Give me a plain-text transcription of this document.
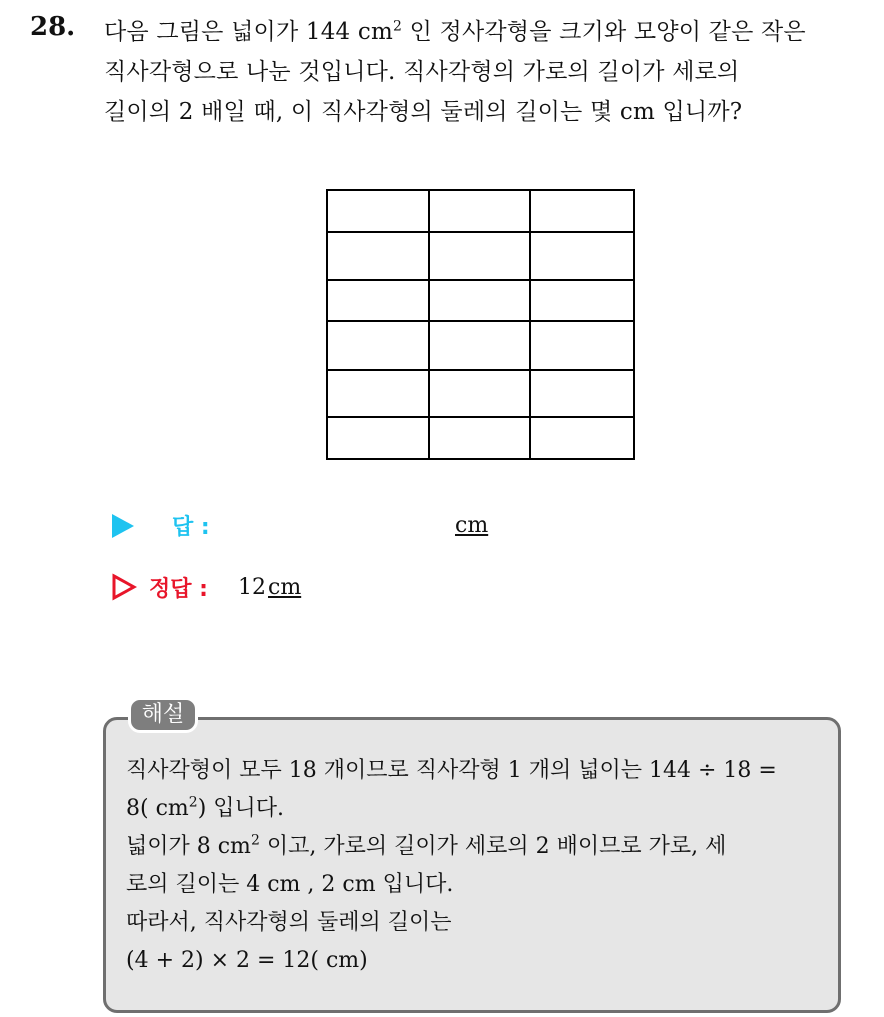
28. 다음 그림은 넓이가 144 $cm^2$ 인 정사각형을 크기와 모양이 같은 작은
직사각형으로 나눈 것입니다. 직사각형의 가로의 길이가 세로의
길이의 2 배일 때, 이 직사각형의 둘레의 길이는 몇 cm 입니까?
답 :	cm
정답 : 12cm
해설
직사각형이 모두 18 개이므로 직사각형 1 개의 넓이는 144 ÷ 18 =
8( $cm^2$) 입니다.
넓이가 8 $cm^2$ 이고, 가로의 길이가 세로의 2 배이므로 가로, 세
로의 길이는 4 cm , 2 cm 입니다.
따라서, 직사각형의 둘레의 길이는
(4 + 2) × 2 = 12( cm)
